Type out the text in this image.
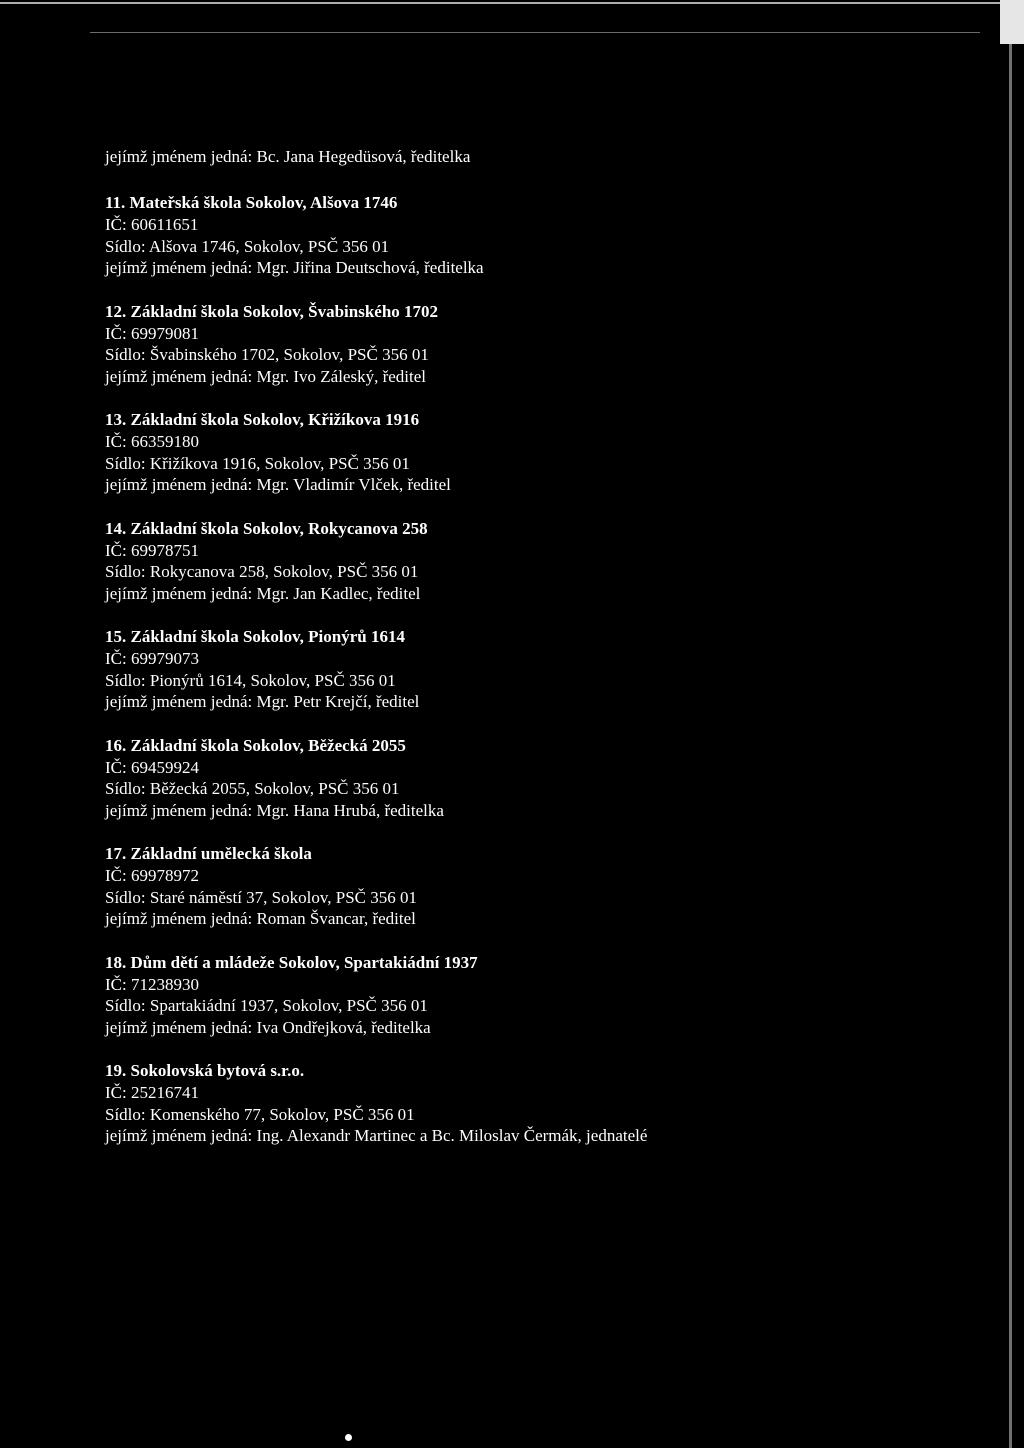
jejímž jménem jedná: Bc. Jana Hegedüsová, ředitelka
11. Mateřská škola Sokolov, Alšova 1746
IČ: 60611651
Sídlo: Alšova 1746, Sokolov, PSČ 356 01
jejímž jménem jedná: Mgr. Jiřina Deutschová, ředitelka
12. Základní škola Sokolov, Švabinského 1702
IČ: 69979081
Sídlo: Švabinského 1702, Sokolov, PSČ 356 01
jejímž jménem jedná: Mgr. Ivo Záleský, ředitel
13. Základní škola Sokolov, Křižíkova 1916
IČ: 66359180
Sídlo: Křižíkova 1916, Sokolov, PSČ 356 01
jejímž jménem jedná: Mgr. Vladimír Vlček, ředitel
14. Základní škola Sokolov, Rokycanova 258
IČ: 69978751
Sídlo: Rokycanova 258, Sokolov, PSČ 356 01
jejímž jménem jedná: Mgr. Jan Kadlec, ředitel
15. Základní škola Sokolov, Pionýrů 1614
IČ: 69979073
Sídlo: Pionýrů 1614, Sokolov, PSČ 356 01
jejímž jménem jedná: Mgr. Petr Krejčí, ředitel
16. Základní škola Sokolov, Běžecká 2055
IČ: 69459924
Sídlo: Běžecká 2055, Sokolov, PSČ 356 01
jejímž jménem jedná: Mgr. Hana Hrubá, ředitelka
17. Základní umělecká škola
IČ: 69978972
Sídlo: Staré náměstí 37, Sokolov, PSČ 356 01
jejímž jménem jedná: Roman Švancar, ředitel
18. Dům dětí a mládeže Sokolov, Spartakiádní 1937
IČ: 71238930
Sídlo: Spartakiádní 1937, Sokolov, PSČ 356 01
jejímž jménem jedná: Iva Ondřejková, ředitelka
19. Sokolovská bytová s.r.o.
IČ: 25216741
Sídlo: Komenského 77, Sokolov, PSČ 356 01
jejímž jménem jedná: Ing. Alexandr Martinec a Bc. Miloslav Čermák, jednatelé
